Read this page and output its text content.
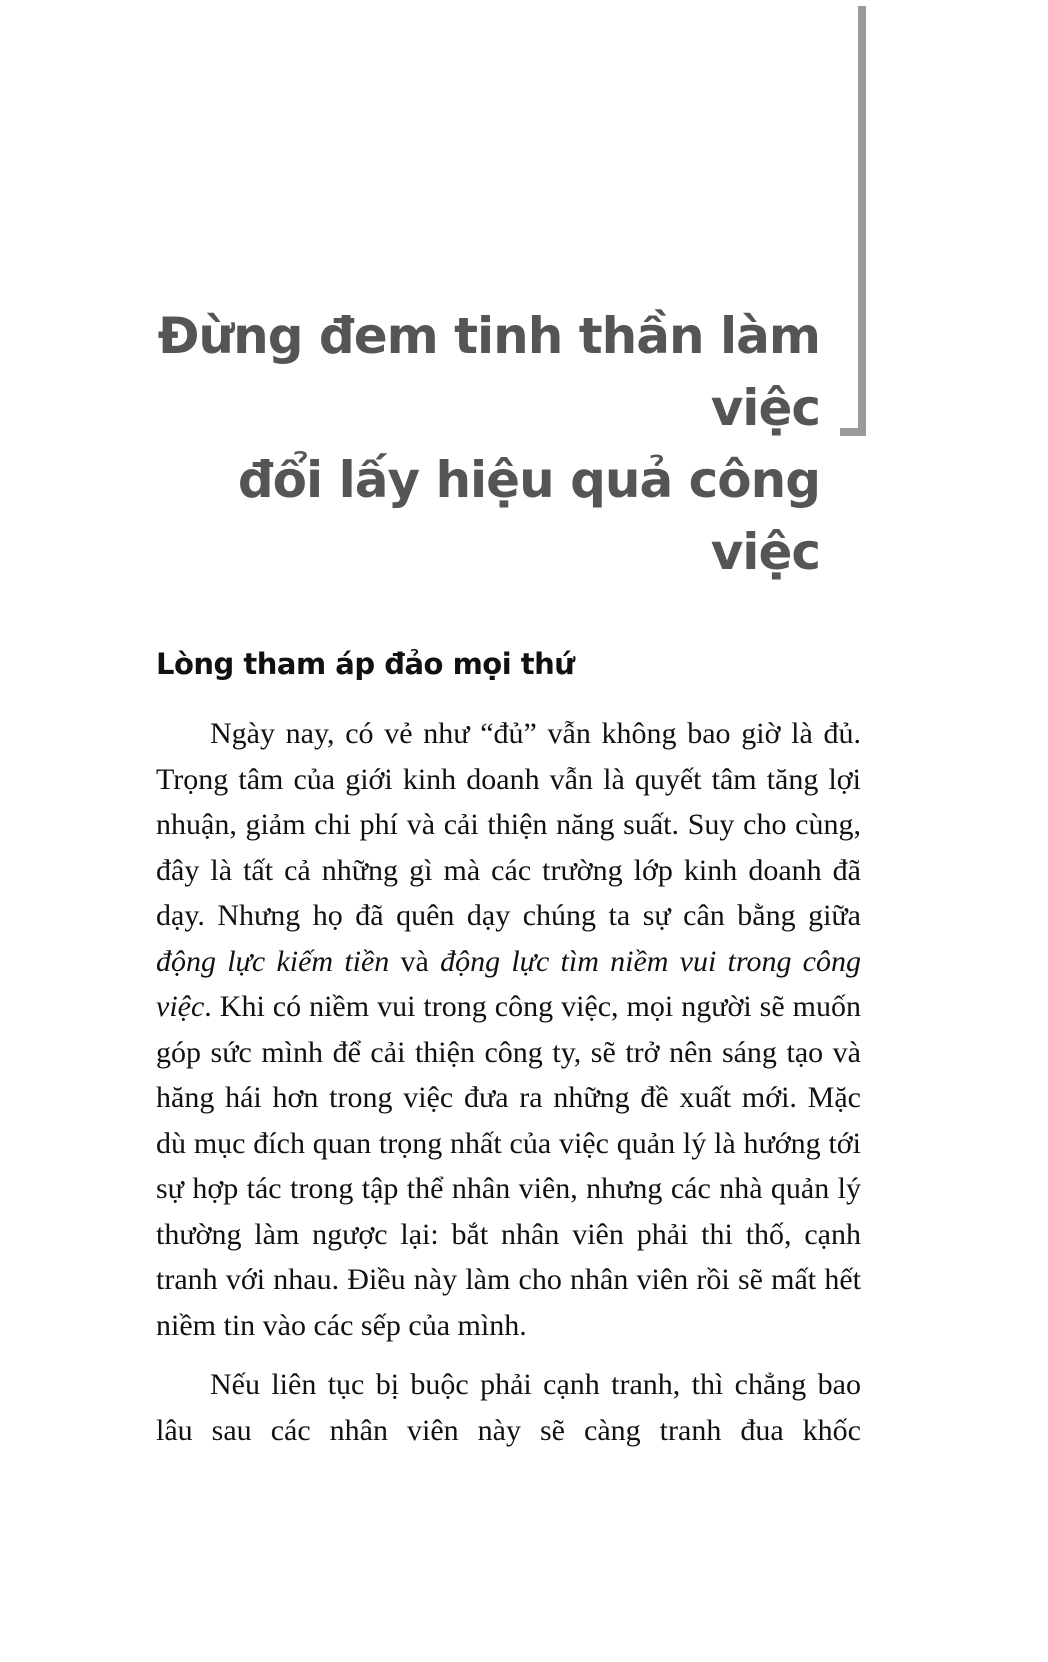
Đừng đem tinh thần làm việc
đổi lấy hiệu quả công việc
Lòng tham áp đảo mọi thứ

Ngày nay, có vẻ như “đủ” vẫn không bao giờ là đủ. Trọng tâm của giới kinh doanh vẫn là quyết tâm tăng lợi nhuận, giảm chi phí và cải thiện năng suất. Suy cho cùng, đây là tất cả những gì mà các trường lớp kinh doanh đã dạy. Nhưng họ đã quên dạy chúng ta sự cân bằng giữa động lực kiếm tiền và động lực tìm niềm vui trong công việc. Khi có niềm vui trong công việc, mọi người sẽ muốn góp sức mình để cải thiện công ty, sẽ trở nên sáng tạo và hăng hái hơn trong việc đưa ra những đề xuất mới. Mặc dù mục đích quan trọng nhất của việc quản lý là hướng tới sự hợp tác trong tập thể nhân viên, nhưng các nhà quản lý thường làm ngược lại: bắt nhân viên phải thi thố, cạnh tranh với nhau. Điều này làm cho nhân viên rồi sẽ mất hết niềm tin vào các sếp của mình.

Nếu liên tục bị buộc phải cạnh tranh, thì chẳng bao lâu sau các nhân viên này sẽ càng tranh đua khốc
